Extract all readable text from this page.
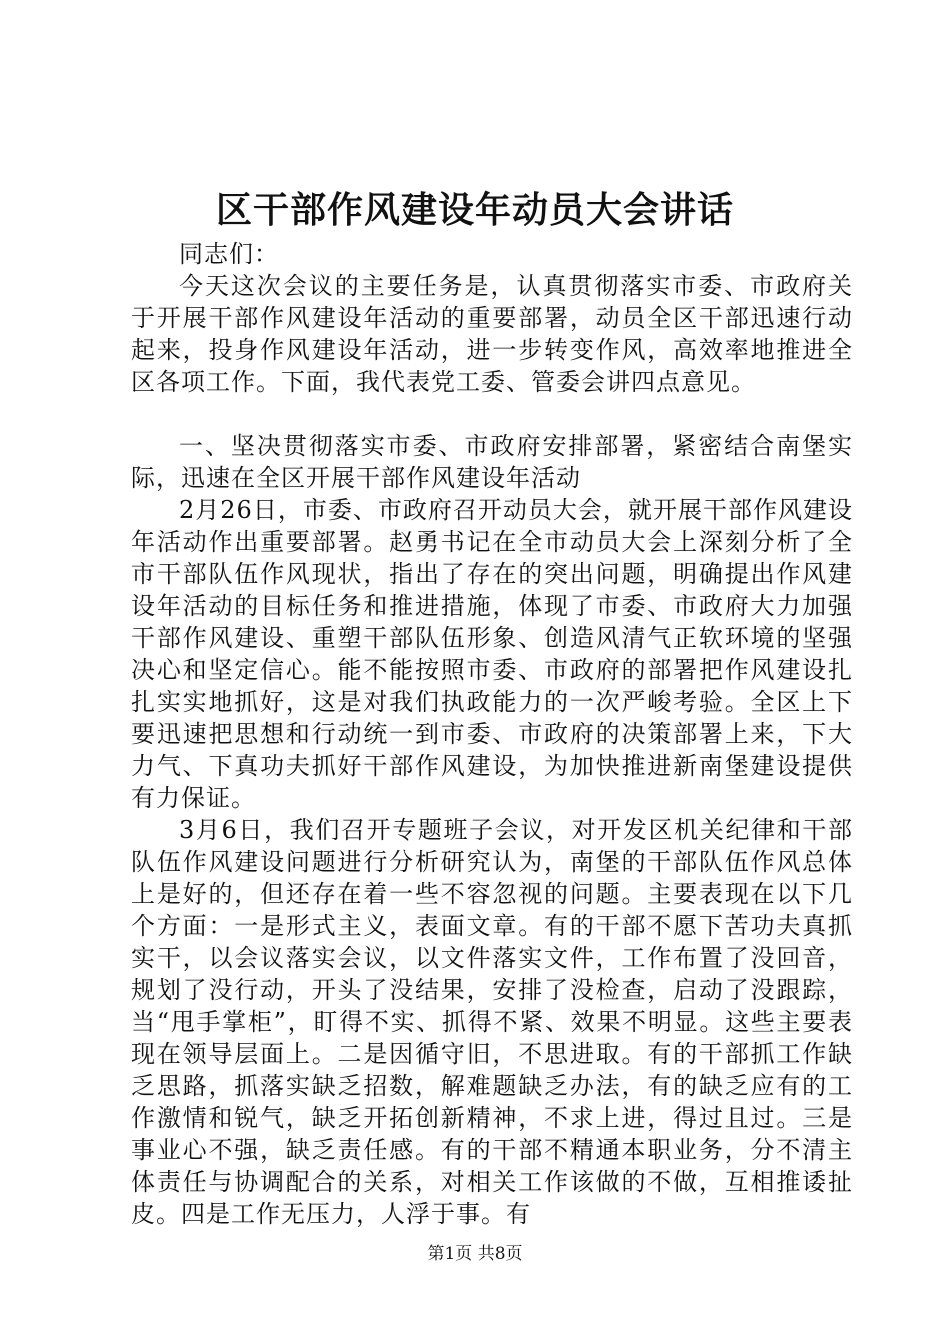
区干部作风建设年动员大会讲话

同志们：

今天这次会议的主要任务是，认真贯彻落实市委、市政府关于开展干部作风建设年活动的重要部署，动员全区干部迅速行动起来，投身作风建设年活动，进一步转变作风，高效率地推进全区各项工作。下面，我代表党工委、管委会讲四点意见。

一、坚决贯彻落实市委、市政府安排部署，紧密结合南堡实际，迅速在全区开展干部作风建设年活动

2月26日，市委、市政府召开动员大会，就开展干部作风建设年活动作出重要部署。赵勇书记在全市动员大会上深刻分析了全市干部队伍作风现状，指出了存在的突出问题，明确提出作风建设年活动的目标任务和推进措施，体现了市委、市政府大力加强干部作风建设、重塑干部队伍形象、创造风清气正软环境的坚强决心和坚定信心。能不能按照市委、市政府的部署把作风建设扎扎实实地抓好，这是对我们执政能力的一次严峻考验。全区上下要迅速把思想和行动统一到市委、市政府的决策部署上来，下大力气、下真功夫抓好干部作风建设，为加快推进新南堡建设提供有力保证。

3月6日，我们召开专题班子会议，对开发区机关纪律和干部队伍作风建设问题进行分析研究认为，南堡的干部队伍作风总体上是好的，但还存在着一些不容忽视的问题。主要表现在以下几个方面：一是形式主义，表面文章。有的干部不愿下苦功夫真抓实干，以会议落实会议，以文件落实文件，工作布置了没回音，规划了没行动，开头了没结果，安排了没检查，启动了没跟踪，当“甩手掌柜”，盯得不实、抓得不紧、效果不明显。这些主要表现在领导层面上。二是因循守旧，不思进取。有的干部抓工作缺乏思路，抓落实缺乏招数，解难题缺乏办法，有的缺乏应有的工作激情和锐气，缺乏开拓创新精神，不求上进，得过且过。三是事业心不强，缺乏责任感。有的干部不精通本职业务，分不清主体责任与协调配合的关系，对相关工作该做的不做，互相推诿扯皮。四是工作无压力，人浮于事。有

第1页 共8页
